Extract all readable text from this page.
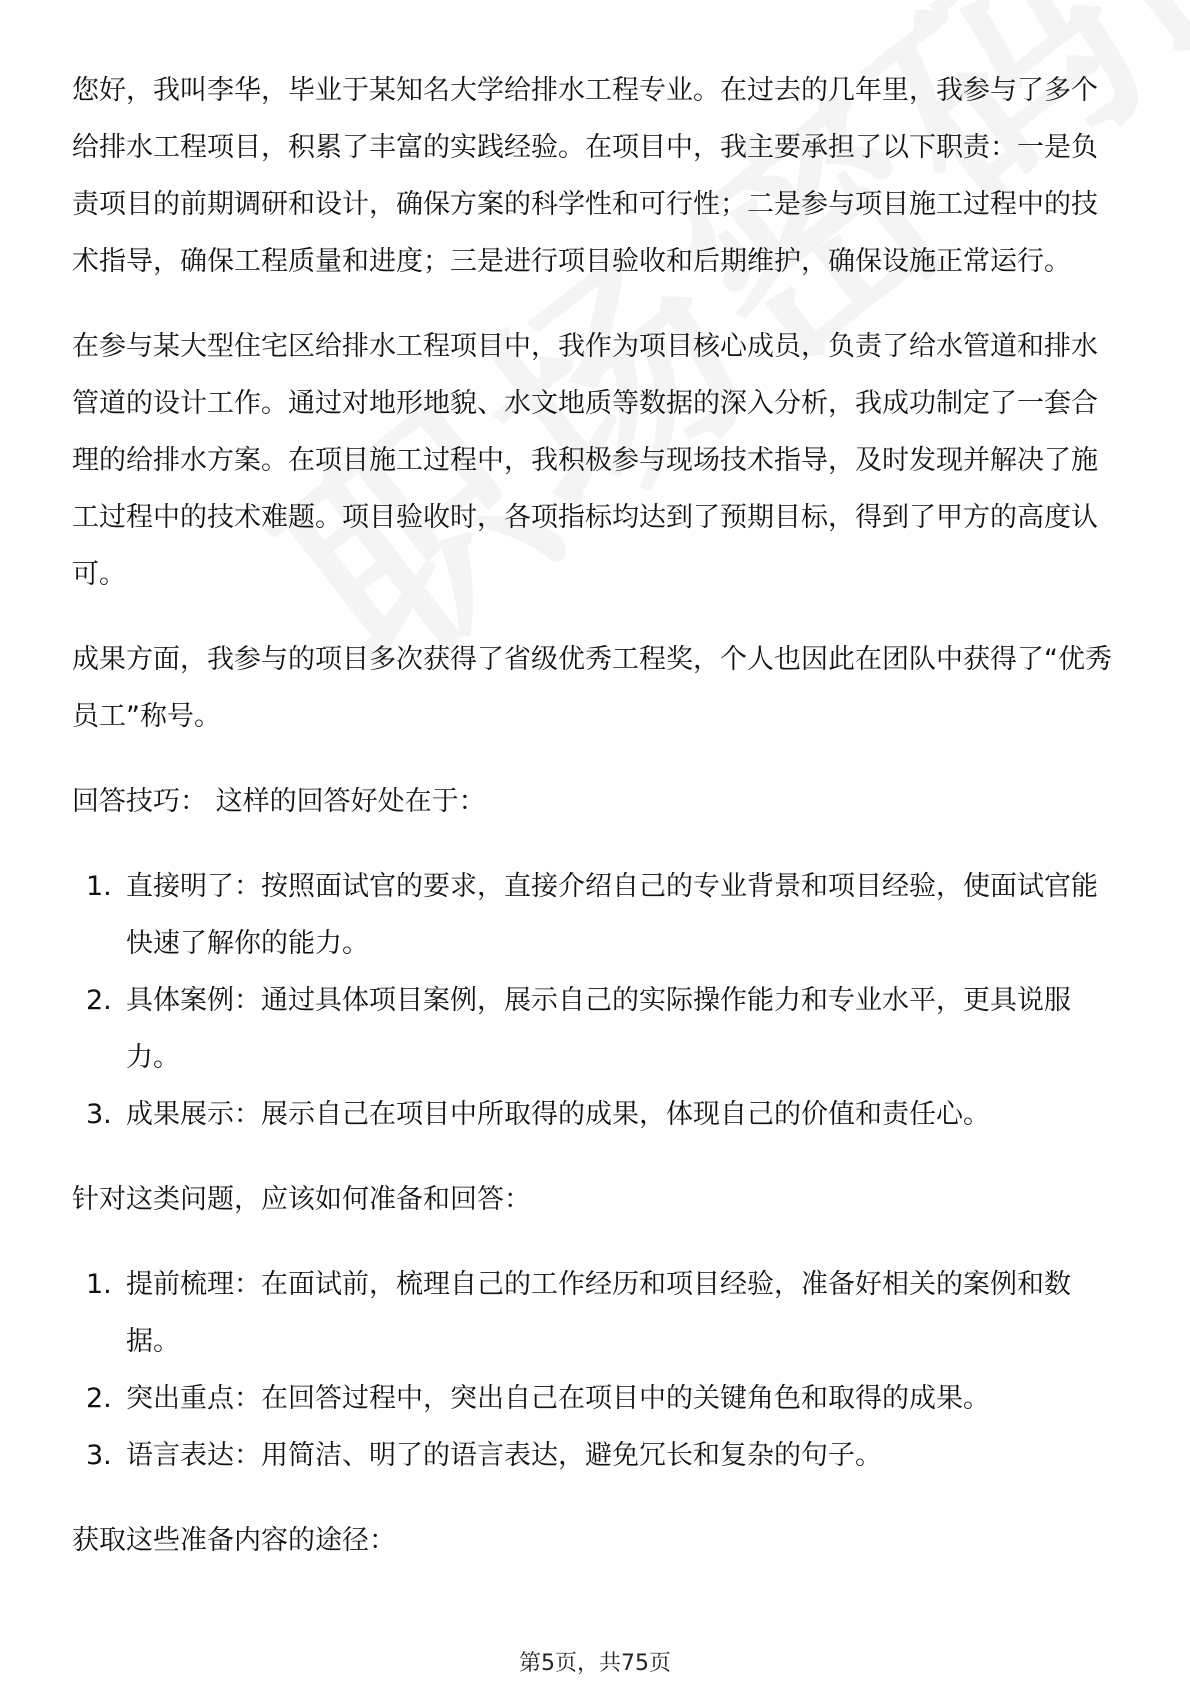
您好，我叫李华，毕业于某知名大学给排水工程专业。在过去的几年里，我参与了多个给排水工程项目，积累了丰富的实践经验。在项目中，我主要承担了以下职责：一是负责项目的前期调研和设计，确保方案的科学性和可行性；二是参与项目施工过程中的技术指导，确保工程质量和进度；三是进行项目验收和后期维护，确保设施正常运行。

在参与某大型住宅区给排水工程项目中，我作为项目核心成员，负责了给水管道和排水管道的设计工作。通过对地形地貌、水文地质等数据的深入分析，我成功制定了一套合理的给排水方案。在项目施工过程中，我积极参与现场技术指导，及时发现并解决了施工过程中的技术难题。项目验收时，各项指标均达到了预期目标，得到了甲方的高度认可。

成果方面，我参与的项目多次获得了省级优秀工程奖，个人也因此在团队中获得了“优秀员工”称号。

回答技巧： 这样的回答好处在于：

1. 直接明了：按照面试官的要求，直接介绍自己的专业背景和项目经验，使面试官能快速了解你的能力。
2. 具体案例：通过具体项目案例，展示自己的实际操作能力和专业水平，更具说服力。
3. 成果展示：展示自己在项目中所取得的成果，体现自己的价值和责任心。

针对这类问题，应该如何准备和回答：

1. 提前梳理：在面试前，梳理自己的工作经历和项目经验，准备好相关的案例和数据。
2. 突出重点：在回答过程中，突出自己在项目中的关键角色和取得的成果。
3. 语言表达：用简洁、明了的语言表达，避免冗长和复杂的句子。

获取这些准备内容的途径：

第5页，共75页
